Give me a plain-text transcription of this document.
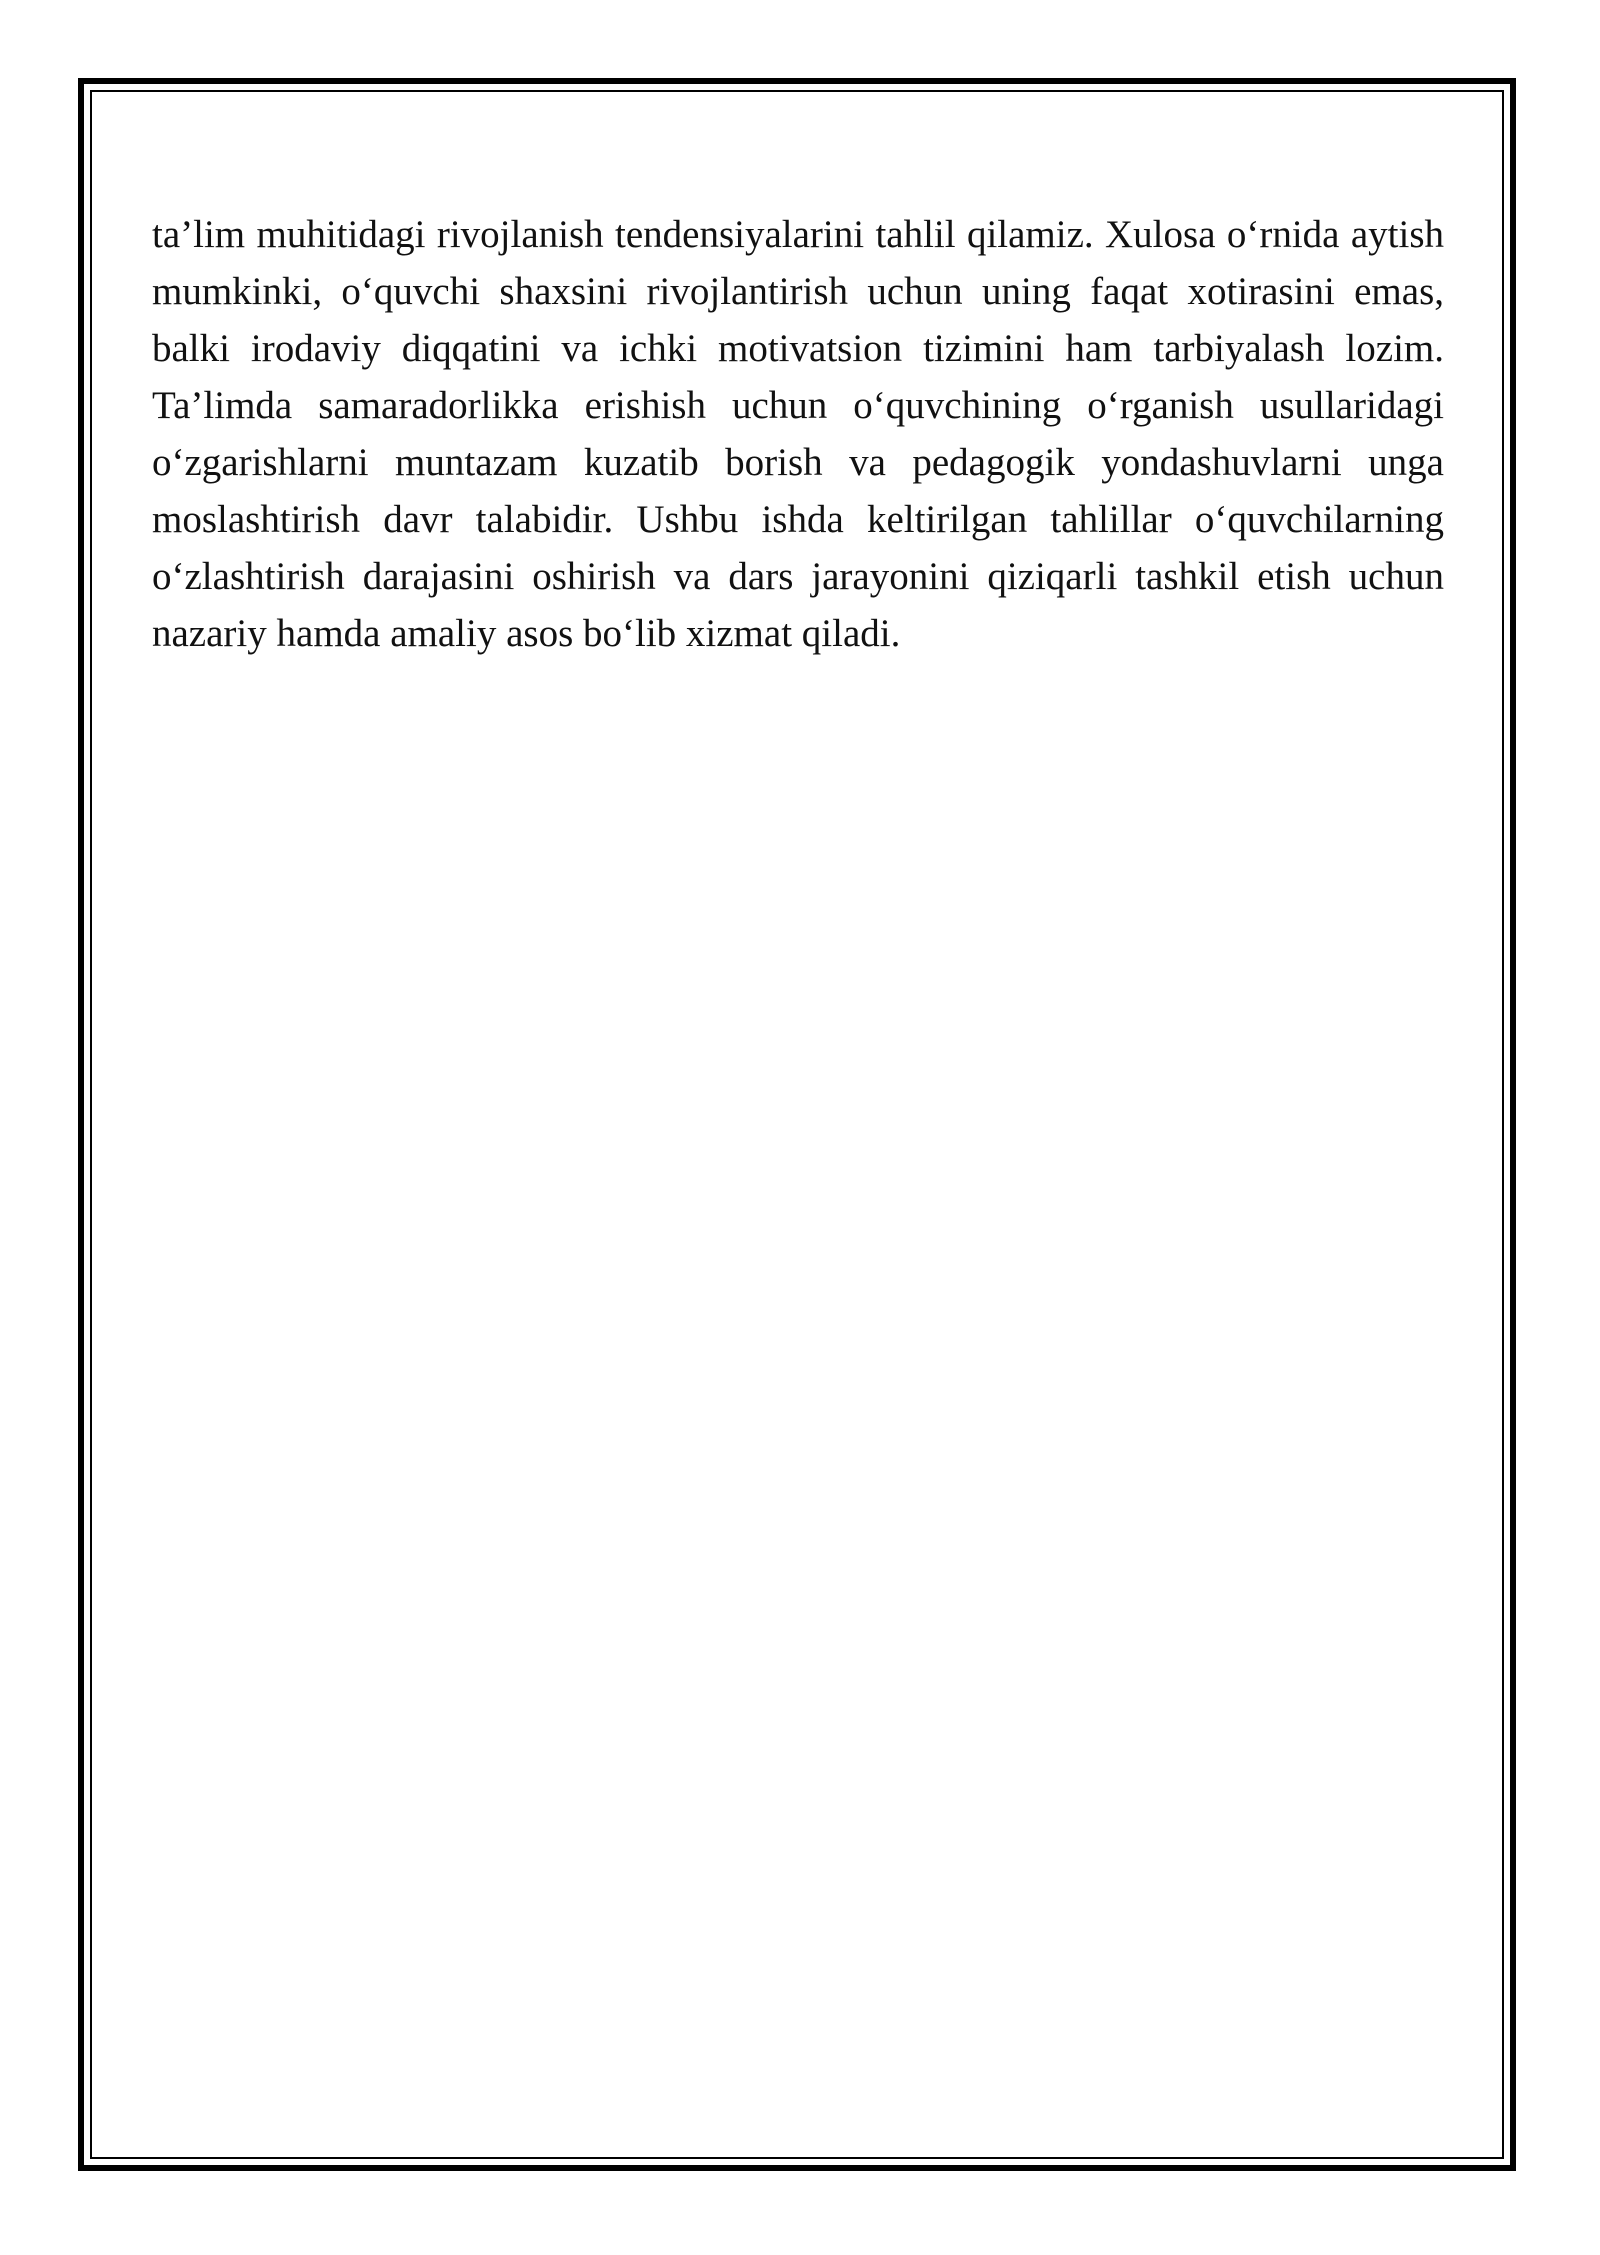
ta’lim muhitidagi rivojlanish tendensiyalarini tahlil qilamiz. Xulosa o‘rnida aytish mumkinki, o‘quvchi shaxsini rivojlantirish uchun uning faqat xotirasini emas, balki irodaviy diqqatini va ichki motivatsion tizimini ham tarbiyalash lozim. Ta’limda samaradorlikka erishish uchun o‘quvchining o‘rganish usullaridagi o‘zgarishlarni muntazam kuzatib borish va pedagogik yondashuvlarni unga moslashtirish davr talabidir. Ushbu ishda keltirilgan tahlillar o‘quvchilarning o‘zlashtirish darajasini oshirish va dars jarayonini qiziqarli tashkil etish uchun nazariy hamda amaliy asos bo‘lib xizmat qiladi.
